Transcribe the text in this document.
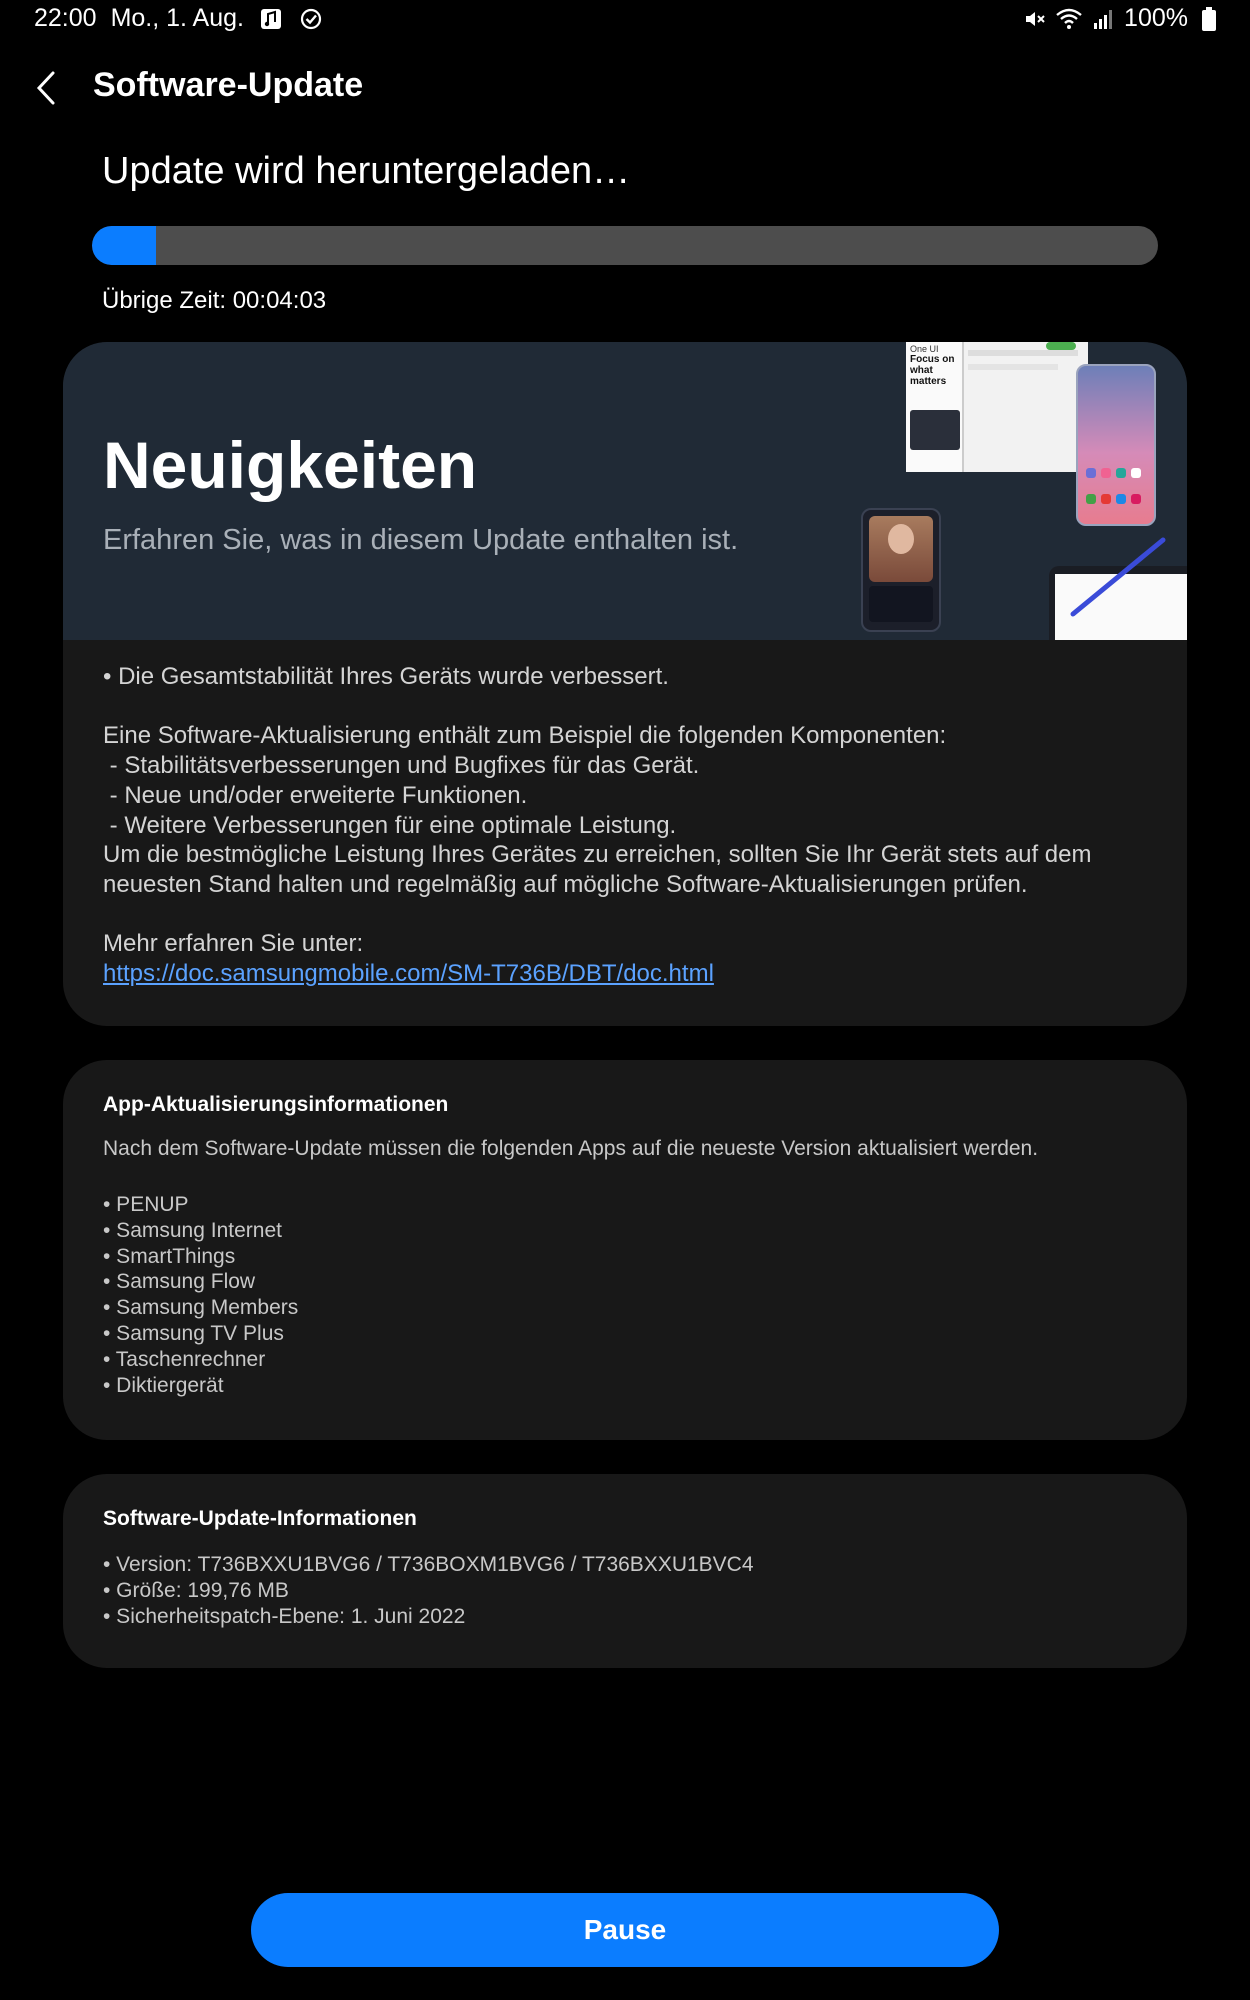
22:00 Mo., 1. Aug.	100%
Software-Update
Update wird heruntergeladen…
Übrige Zeit: 00:04:03
Neuigkeiten
Erfahren Sie, was in diesem Update enthalten ist.
One UI
Focus on what matters

• Die Gesamtstabilität Ihres Geräts wurde verbessert.

Eine Software-Aktualisierung enthält zum Beispiel die folgenden Komponenten:

- Stabilitätsverbesserungen und Bugfixes für das Gerät.

- Neue und/oder erweiterte Funktionen.

- Weitere Verbesserungen für eine optimale Leistung.

Um die bestmögliche Leistung Ihres Gerätes zu erreichen, sollten Sie Ihr Gerät stets auf dem

neuesten Stand halten und regelmäßig auf mögliche Software-Aktualisierungen prüfen.

Mehr erfahren Sie unter:

https://doc.samsungmobile.com/SM-T736B/DBT/doc.html

App-Aktualisierungsinformationen
Nach dem Software-Update müssen die folgenden Apps auf die neueste Version aktualisiert werden.
• PENUP
• Samsung Internet
• SmartThings
• Samsung Flow
• Samsung Members
• Samsung TV Plus
• Taschenrechner
• Diktiergerät
Software-Update-Informationen
• Version: T736BXXU1BVG6 / T736BOXM1BVG6 / T736BXXU1BVC4
• Größe: 199,76 MB
• Sicherheitspatch-Ebene: 1. Juni 2022
Pause
